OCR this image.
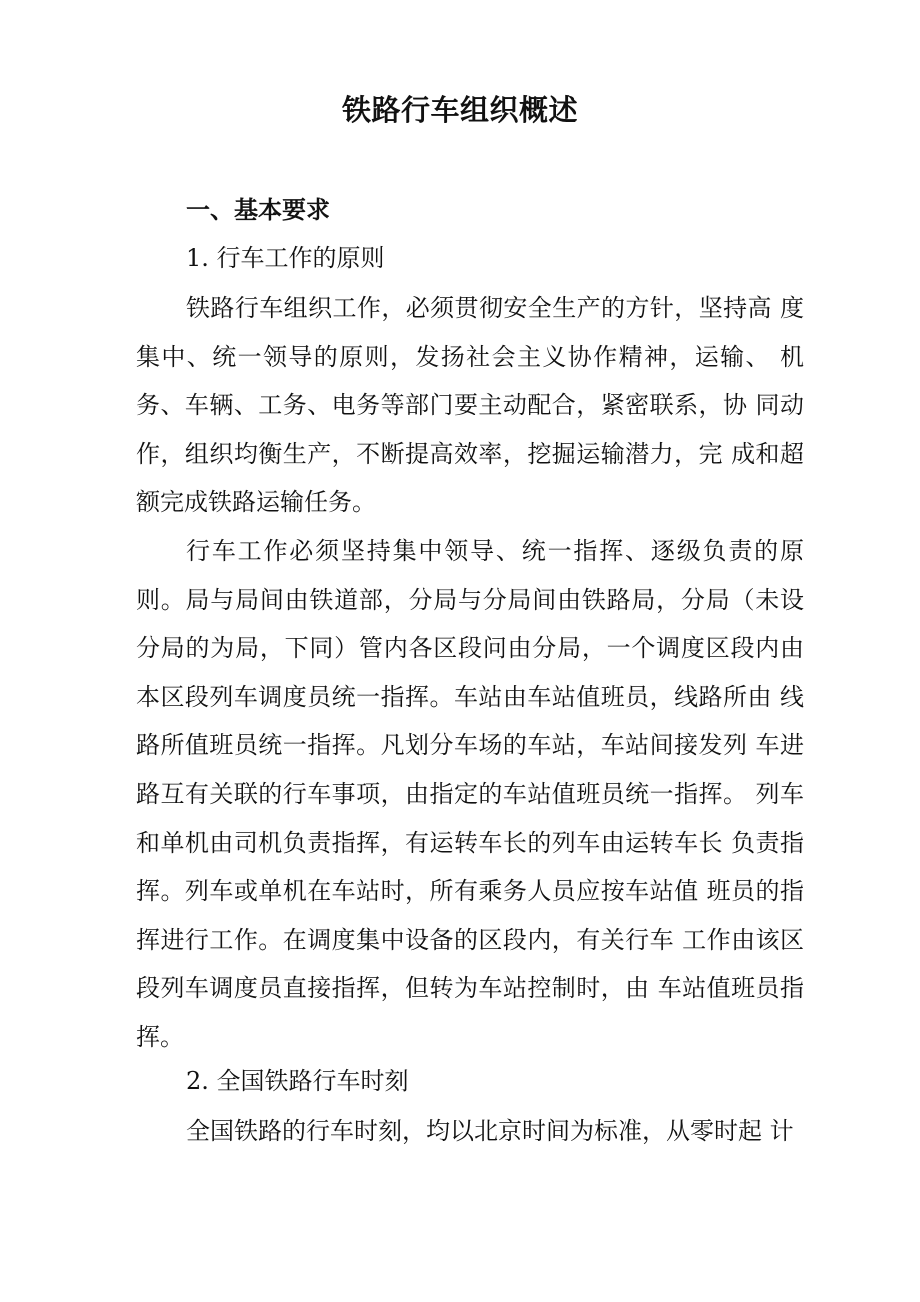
铁路行车组织概述
一、基本要求
1. 行车工作的原则

铁路行车组织工作，必须贯彻安全生产的方针，坚持高 度集中、统一领导的原则，发扬社会主义协作精神，运输、 机务、车辆、工务、电务等部门要主动配合，紧密联系，协 同动作，组织均衡生产，不断提高效率，挖掘运输潜力，完 成和超额完成铁路运输任务。

行车工作必须坚持集中领导、统一指挥、逐级负责的原 则。局与局间由铁道部，分局与分局间由铁路局，分局（未设 分局的为局，下同）管内各区段问由分局，一个调度区段内由 本区段列车调度员统一指挥。车站由车站值班员，线路所由 线路所值班员统一指挥。凡划分车场的车站，车站间接发列 车进路互有关联的行车事项，由指定的车站值班员统一指挥。 列车和单机由司机负责指挥，有运转车长的列车由运转车长 负责指挥。列车或单机在车站时，所有乘务人员应按车站值 班员的指挥进行工作。在调度集中设备的区段内，有关行车 工作由该区段列车调度员直接指挥，但转为车站控制时，由 车站值班员指挥。

2. 全国铁路行车时刻

全国铁路的行车时刻，均以北京时间为标准，从零时起 计
